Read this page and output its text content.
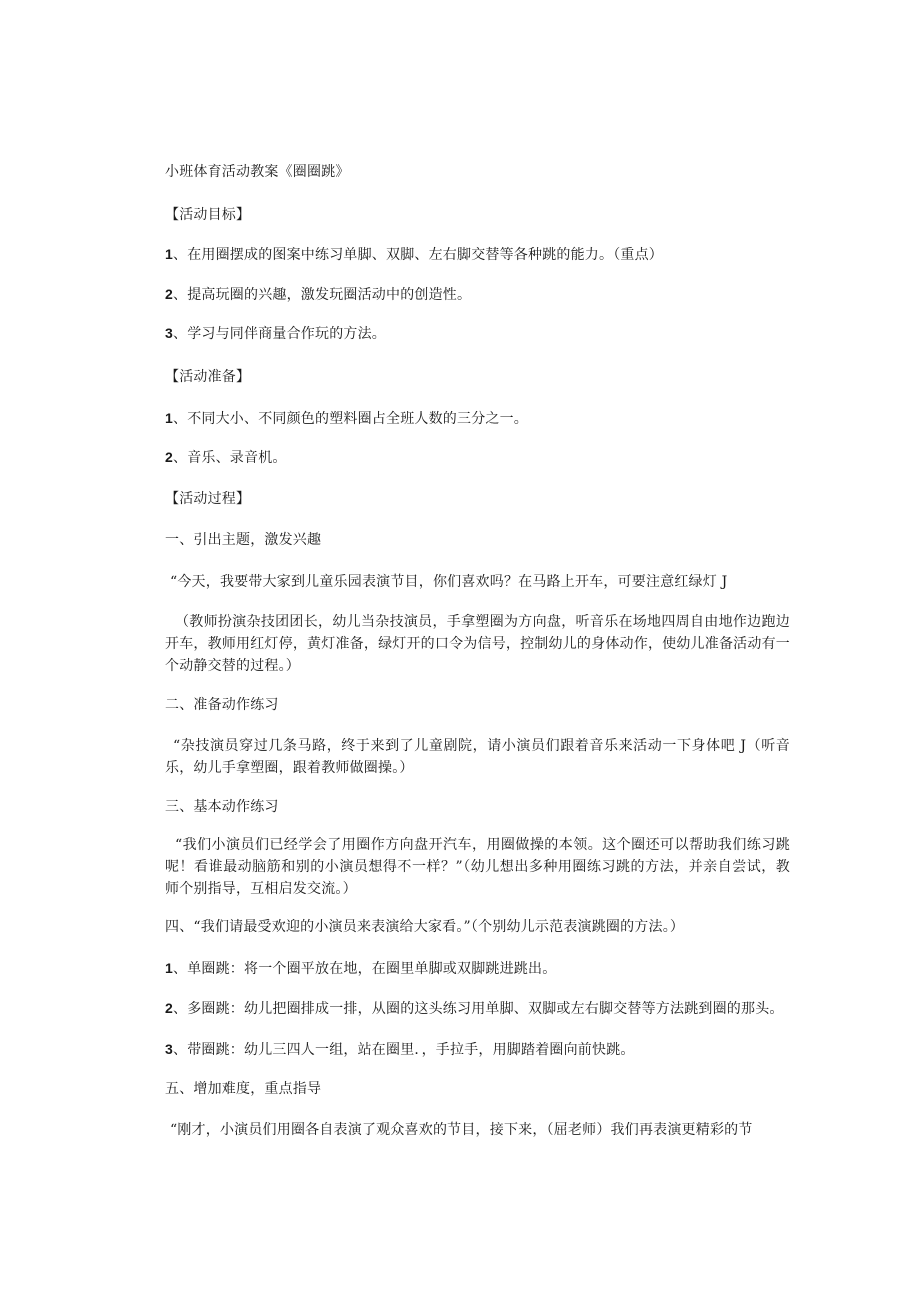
小班体育活动教案《圈圈跳》
【活动目标】
1、在用圈摆成的图案中练习单脚、双脚、左右脚交替等各种跳的能力。（重点）
2、提高玩圈的兴趣，激发玩圈活动中的创造性。
3、学习与同伴商量合作玩的方法。
【活动准备】
1、不同大小、不同颜色的塑料圈占全班人数的三分之一。
2、音乐、录音机。
【活动过程】
一、引出主题，激发兴趣
“今天，我要带大家到儿童乐园表演节目，你们喜欢吗？在马路上开车，可要注意红绿灯 J
（教师扮演杂技团团长，幼儿当杂技演员，手拿塑圈为方向盘，听音乐在场地四周自由地作边跑边开车，教师用红灯停，黄灯准备，绿灯开的口令为信号，控制幼儿的身体动作，使幼儿准备活动有一个动静交替的过程。）
二、准备动作练习
“杂技演员穿过几条马路，终于来到了儿童剧院，请小演员们跟着音乐来活动一下身体吧 J（听音乐，幼儿手拿塑圈，跟着教师做圈操。）
三、基本动作练习
“我们小演员们已经学会了用圈作方向盘开汽车，用圈做操的本领。这个圈还可以帮助我们练习跳呢！看谁最动脑筋和别的小演员想得不一样？”（幼儿想出多种用圈练习跳的方法，并亲自尝试，教师个别指导，互相启发交流。）
四、“我们请最受欢迎的小演员来表演给大家看。”（个别幼儿示范表演跳圈的方法。）
1、单圈跳：将一个圈平放在地，在圈里单脚或双脚跳进跳出。
2、多圈跳：幼儿把圈排成一排，从圈的这头练习用单脚、双脚或左右脚交替等方法跳到圈的那头。
3、带圈跳：幼儿三四人一组，站在圈里．，手拉手，用脚踏着圈向前快跳。
五、增加难度，重点指导
“刚才，小演员们用圈各自表演了观众喜欢的节目，接下来，（屈老师）我们再表演更精彩的节
